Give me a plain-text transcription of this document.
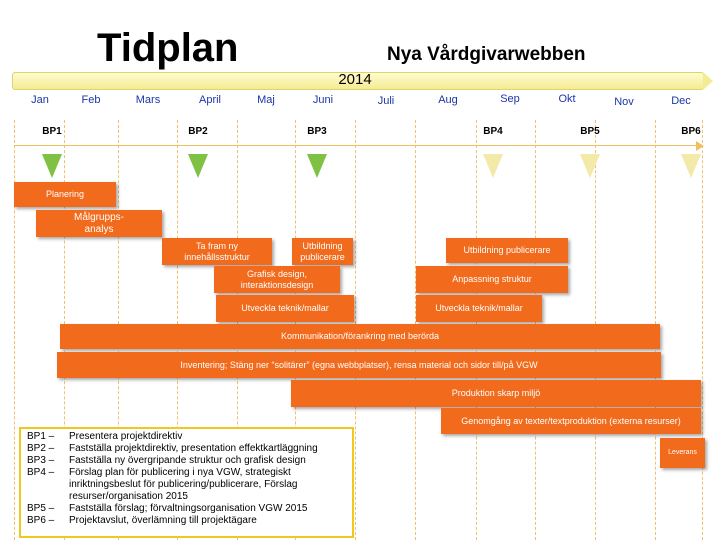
Tidplan	Nya Vårdgivarwebben
2014
Jan	Feb	Mars	April	Maj	Juni	Juli	Aug	Sep	Okt	Nov	Dec
BP1	BP2	BP3	BP4	BP5	BP6
Planering
Målgrupps-
analys
Ta fram ny
innehållsstruktur
Utbildning
publicerare
Utbildning publicerare
Grafisk design,
interaktionsdesign
Anpassning struktur
Utveckla teknik/mallar	Utveckla teknik/mallar
Kommunikation/förankring med berörda
Inventering; Stäng ner “solitärer” (egna webbplatser), rensa material och sidor till/på VGW
Produktion skarp miljö
Genomgång av texter/textproduktion (externa resurser)
Leverans
BP1 –	Presentera projektdirektiv
BP2 –	Fastställa projektdirektiv, presentation effektkartläggning
BP3 –	Fastställa ny övergripande struktur och grafisk design
BP4 –	Förslag plan för publicering i nya VGW, strategiskt inriktningsbeslut för publicering/publicerare, Förslag resurser/organisation 2015
BP5 –	Fastställa förslag; förvaltningsorganisation VGW 2015
BP6 –	Projektavslut, överlämning till projektägare
